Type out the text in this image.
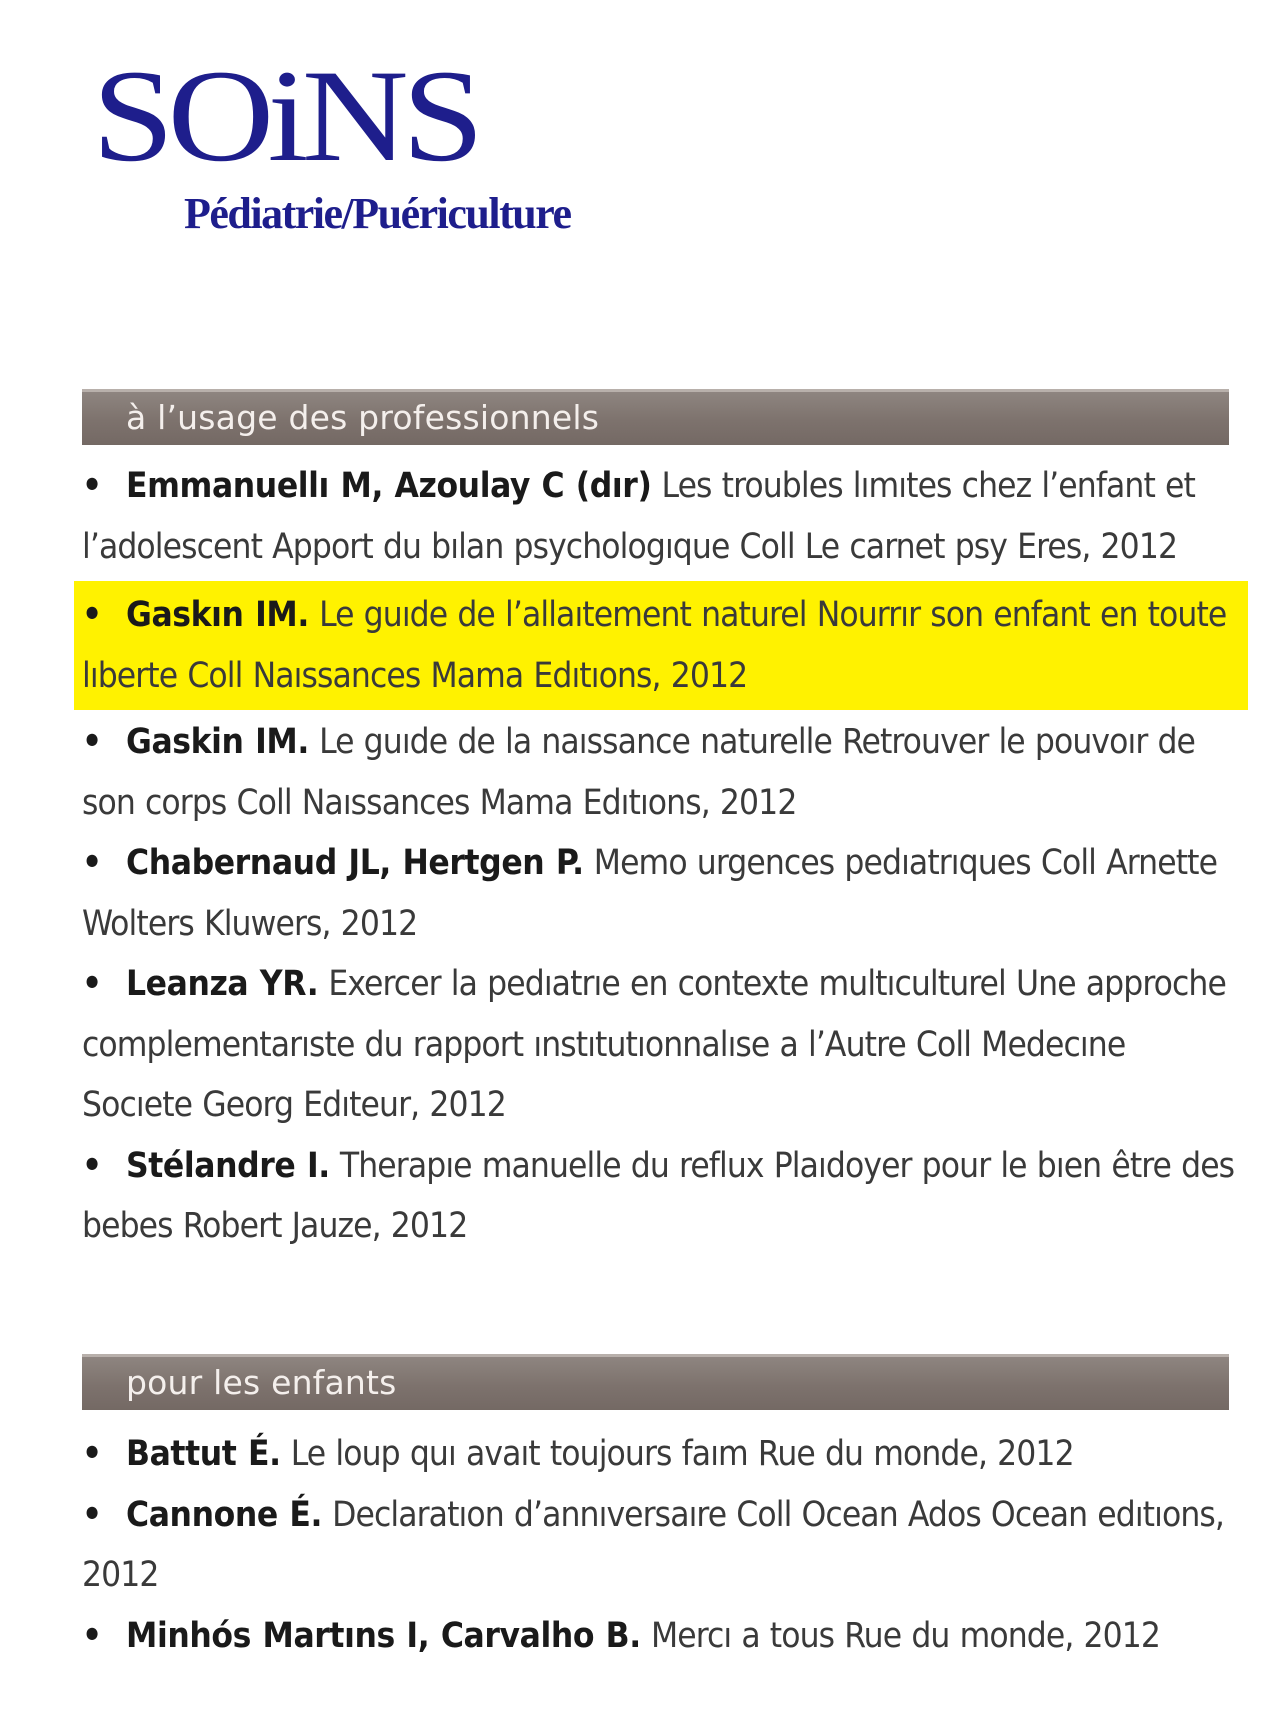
SOiNS
Pédiatrie/Puériculture
à l’usage des professionnels
• Emmanuellı M, Azoulay C (dır) Les troubles lımıtes chez l’enfant et l’adolescent Apport du bılan psychologıque Coll Le carnet psy Eres, 2012
• Gaskın IM. Le guıde de l’allaıtement naturel Nourrır son enfant en toute lıberte Coll Naıssances Mama Edıtıons, 2012
• Gaskin IM. Le guıde de la naıssance naturelle Retrouver le pouvoır de son corps Coll Naıssances Mama Edıtıons, 2012
• Chabernaud JL, Hertgen P. Memo urgences pedıatrıques Coll Arnette Wolters Kluwers, 2012
• Leanza YR. Exercer la pedıatrıe en contexte multıculturel Une approche complementarıste du rapport ınstıtutıonnalıse a l’Autre Coll Medecıne Socıete Georg Edıteur, 2012
• Stélandre I. Therapıe manuelle du reflux Plaıdoyer pour le bıen être des bebes Robert Jauze, 2012
pour les enfants
• Battut É. Le loup quı avaıt toujours faım Rue du monde, 2012
• Cannone É. Declaratıon d’annıversaıre Coll Ocean Ados Ocean edıtıons, 2012
• Minhós Martıns I, Carvalho B. Mercı a tous Rue du monde, 2012
